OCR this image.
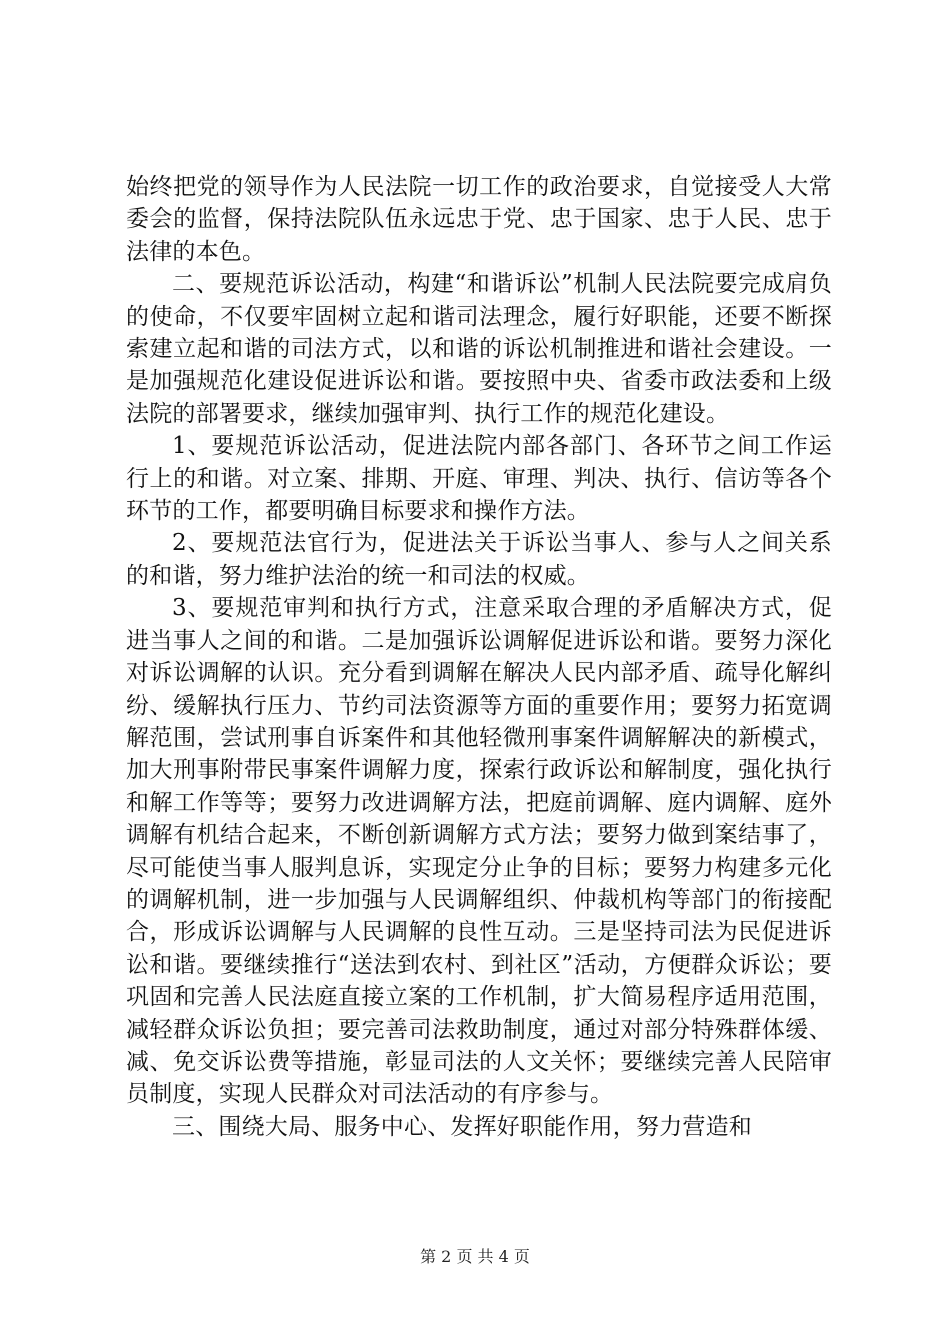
始终把党的领导作为人民法院一切工作的政治要求，自觉接受人大常委会的监督，保持法院队伍永远忠于党、忠于国家、忠于人民、忠于法律的本色。

二、要规范诉讼活动，构建“和谐诉讼”机制人民法院要完成肩负的使命，不仅要牢固树立起和谐司法理念，履行好职能，还要不断探索建立起和谐的司法方式，以和谐的诉讼机制推进和谐社会建设。一是加强规范化建设促进诉讼和谐。要按照中央、省委市政法委和上级法院的部署要求，继续加强审判、执行工作的规范化建设。

1、要规范诉讼活动，促进法院内部各部门、各环节之间工作运行上的和谐。对立案、排期、开庭、审理、判决、执行、信访等各个环节的工作，都要明确目标要求和操作方法。

2、要规范法官行为，促进法关于诉讼当事人、参与人之间关系的和谐，努力维护法治的统一和司法的权威。

3、要规范审判和执行方式，注意采取合理的矛盾解决方式，促进当事人之间的和谐。二是加强诉讼调解促进诉讼和谐。要努力深化对诉讼调解的认识。充分看到调解在解决人民内部矛盾、疏导化解纠纷、缓解执行压力、节约司法资源等方面的重要作用；要努力拓宽调解范围，尝试刑事自诉案件和其他轻微刑事案件调解解决的新模式，加大刑事附带民事案件调解力度，探索行政诉讼和解制度，强化执行和解工作等等；要努力改进调解方法，把庭前调解、庭内调解、庭外调解有机结合起来，不断创新调解方式方法；要努力做到案结事了，尽可能使当事人服判息诉，实现定分止争的目标；要努力构建多元化的调解机制，进一步加强与人民调解组织、仲裁机构等部门的衔接配合，形成诉讼调解与人民调解的良性互动。三是坚持司法为民促进诉讼和谐。要继续推行“送法到农村、到社区”活动，方便群众诉讼；要巩固和完善人民法庭直接立案的工作机制，扩大简易程序适用范围，减轻群众诉讼负担；要完善司法救助制度，通过对部分特殊群体缓、减、免交诉讼费等措施，彰显司法的人文关怀；要继续完善人民陪审员制度，实现人民群众对司法活动的有序参与。

三、围绕大局、服务中心、发挥好职能作用，努力营造和

第 2 页 共 4 页
